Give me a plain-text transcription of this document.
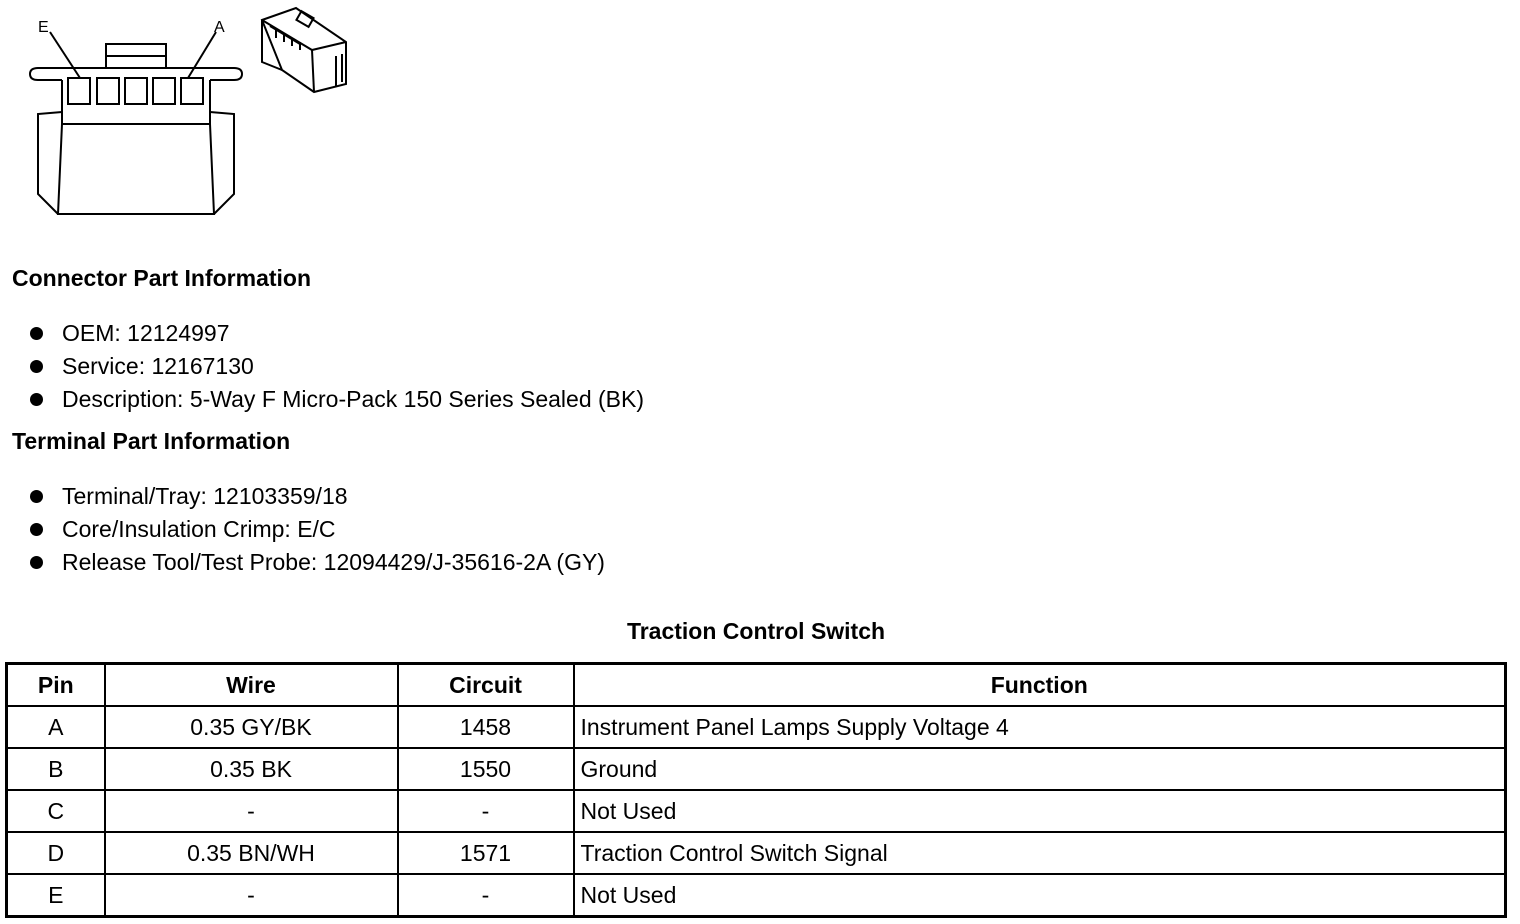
E	A
Connector Part Information
OEM: 12124997
Service: 12167130
Description: 5-Way F Micro-Pack 150 Series Sealed (BK)
Terminal Part Information
Terminal/Tray: 12103359/18
Core/Insulation Crimp: E/C
Release Tool/Test Probe: 12094429/J-35616-2A (GY)
Traction Control Switch
Pin	Wire	Circuit	Function
A	0.35 GY/BK	1458	Instrument Panel Lamps Supply Voltage 4
B	0.35 BK	1550	Ground
C	-	-	Not Used
D	0.35 BN/WH	1571	Traction Control Switch Signal
E	-	-	Not Used
